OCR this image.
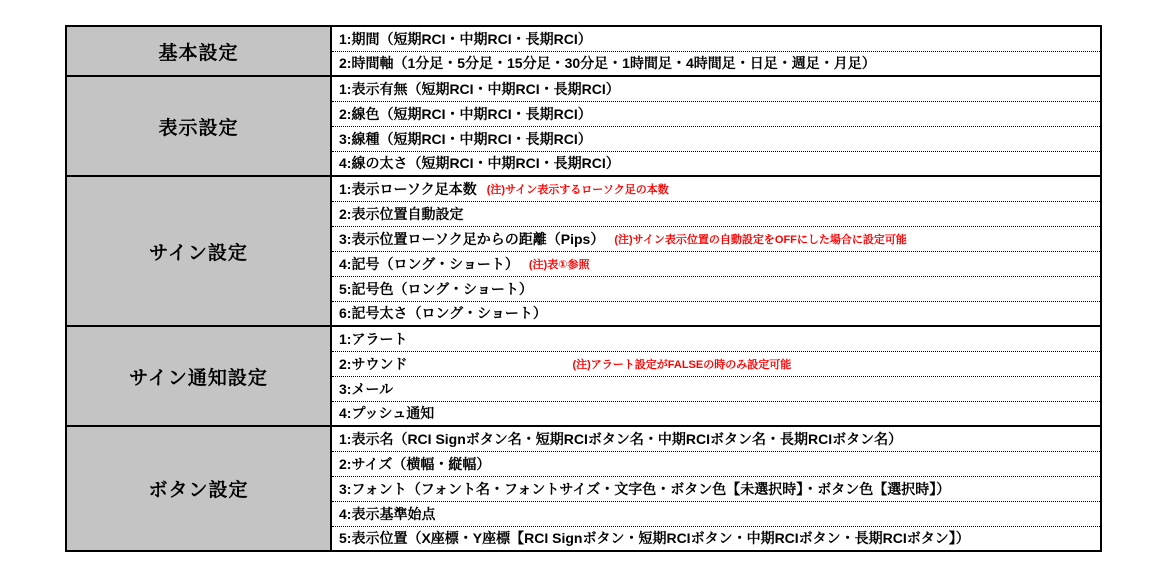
基本設定	1:期間（短期RCI・中期RCI・長期RCI）
	2:時間軸（1分足・5分足・15分足・30分足・1時間足・4時間足・日足・週足・月足）
表示設定	1:表示有無（短期RCI・中期RCI・長期RCI）
	2:線色（短期RCI・中期RCI・長期RCI）
	3:線種（短期RCI・中期RCI・長期RCI）
	4:線の太さ（短期RCI・中期RCI・長期RCI）
サイン設定	1:表示ローソク足本数 (注)サイン表示するローソク足の本数
	2:表示位置自動設定
	3:表示位置ローソク足からの距離（Pips） (注)サイン表示位置の自動設定をOFFにした場合に設定可能
	4:記号（ロング・ショート） (注)表①参照
	5:記号色（ロング・ショート）
	6:記号太さ（ロング・ショート）
サイン通知設定	1:アラート
	2:サウンド (注)アラート設定がFALSEの時のみ設定可能
	3:メール
	4:プッシュ通知
ボタン設定	1:表示名（RCI Signボタン名・短期RCIボタン名・中期RCIボタン名・長期RCIボタン名）
	2:サイズ（横幅・縦幅）
	3:フォント（フォント名・フォントサイズ・文字色・ボタン色【未選択時】・ボタン色【選択時】）
	4:表示基準始点
	5:表示位置（X座標・Y座標【RCI Signボタン・短期RCIボタン・中期RCIボタン・長期RCIボタン】）
